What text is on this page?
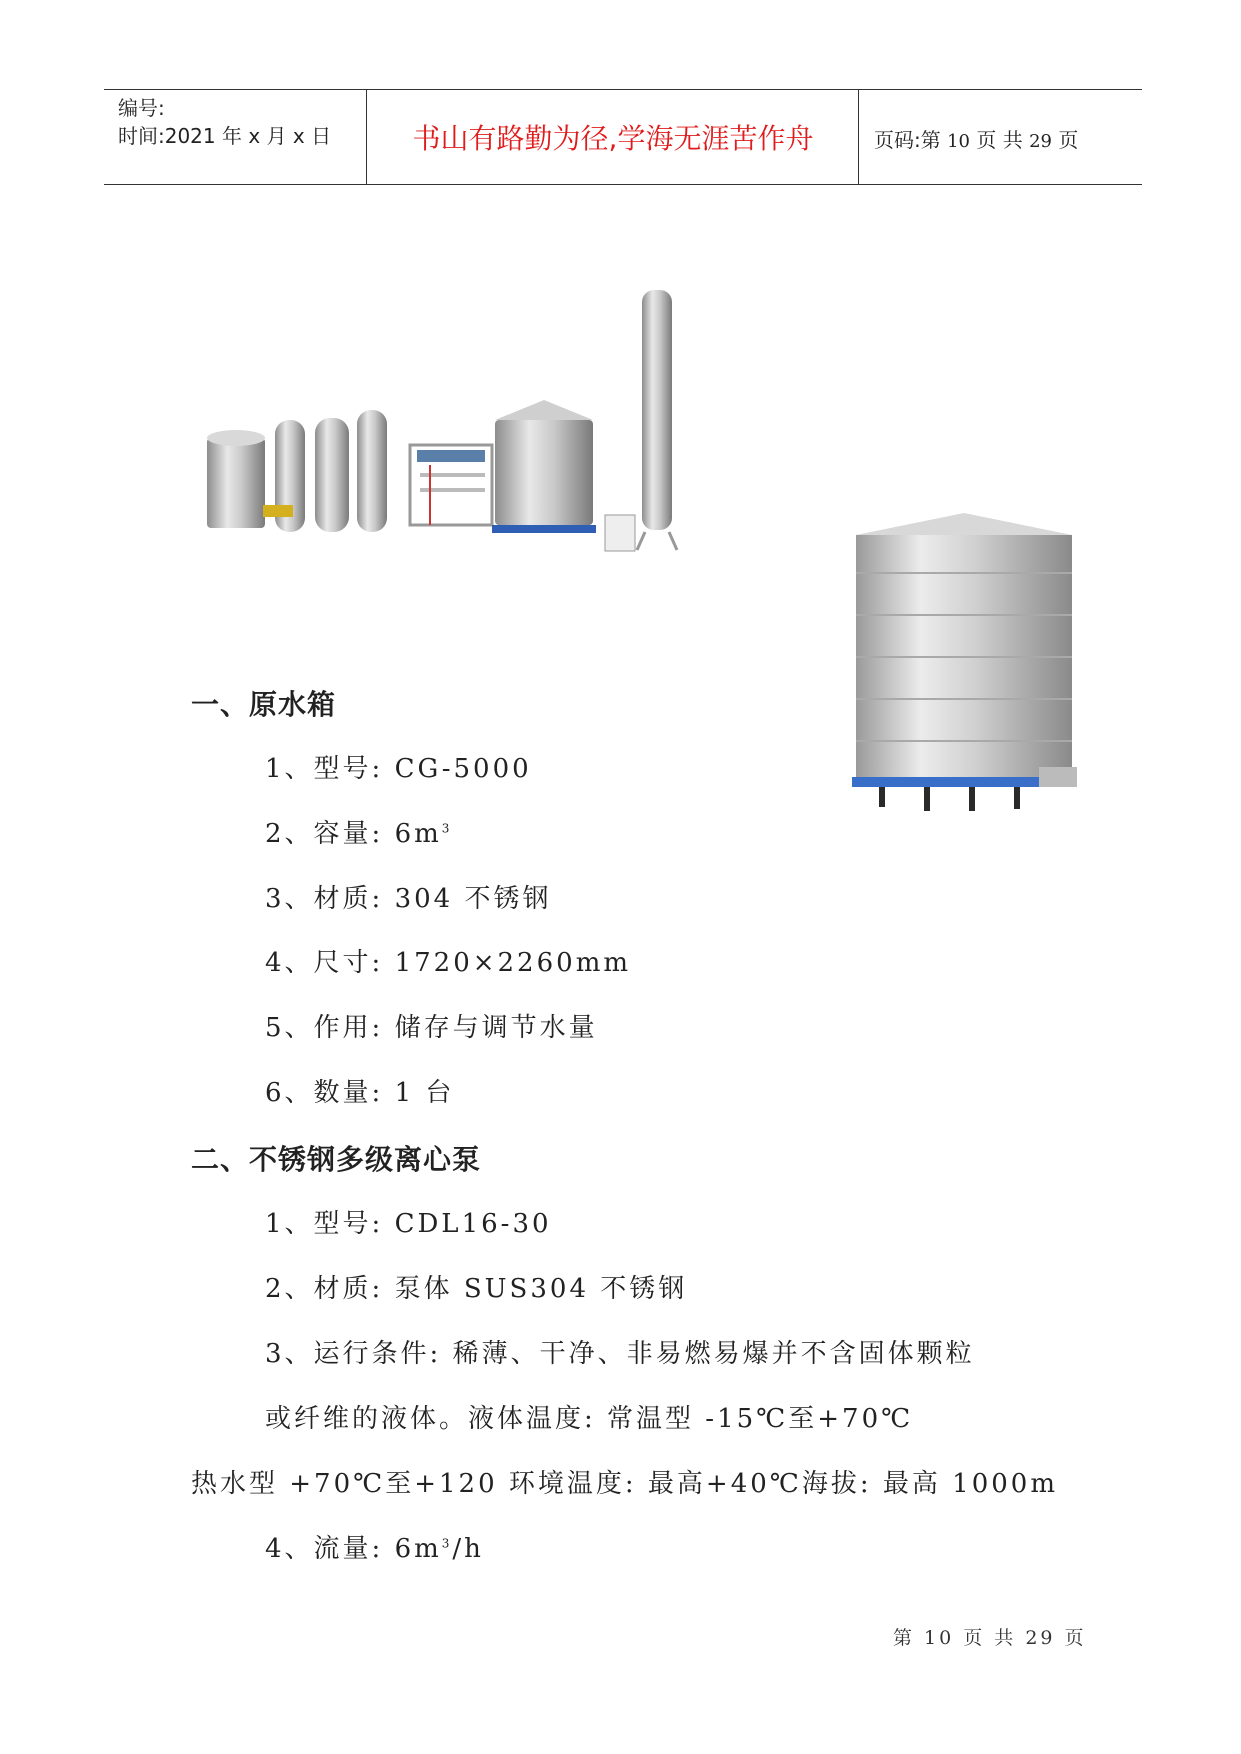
编号:
时间:2021 年 x 月 x 日	书山有路勤为径,学海无涯苦作舟	页码:第 10 页 共 29 页
一、原水箱
1、型号: CG-5000
2、容量: $6m^3$
3、材质: 304 不锈钢
4、尺寸: 1720×2260mm
5、作用: 储存与调节水量
6、数量: 1 台
二、不锈钢多级离心泵
1、型号: CDL16-30
2、材质: 泵体 SUS304 不锈钢
3、运行条件: 稀薄、干净、非易燃易爆并不含固体颗粒
或纤维的液体。液体温度: 常温型 -15℃至+70℃
热水型 +70℃至+120 环境温度: 最高+40℃海拔: 最高 1000m
4、流量: $6m^3/h$
第 10 页 共 29 页
